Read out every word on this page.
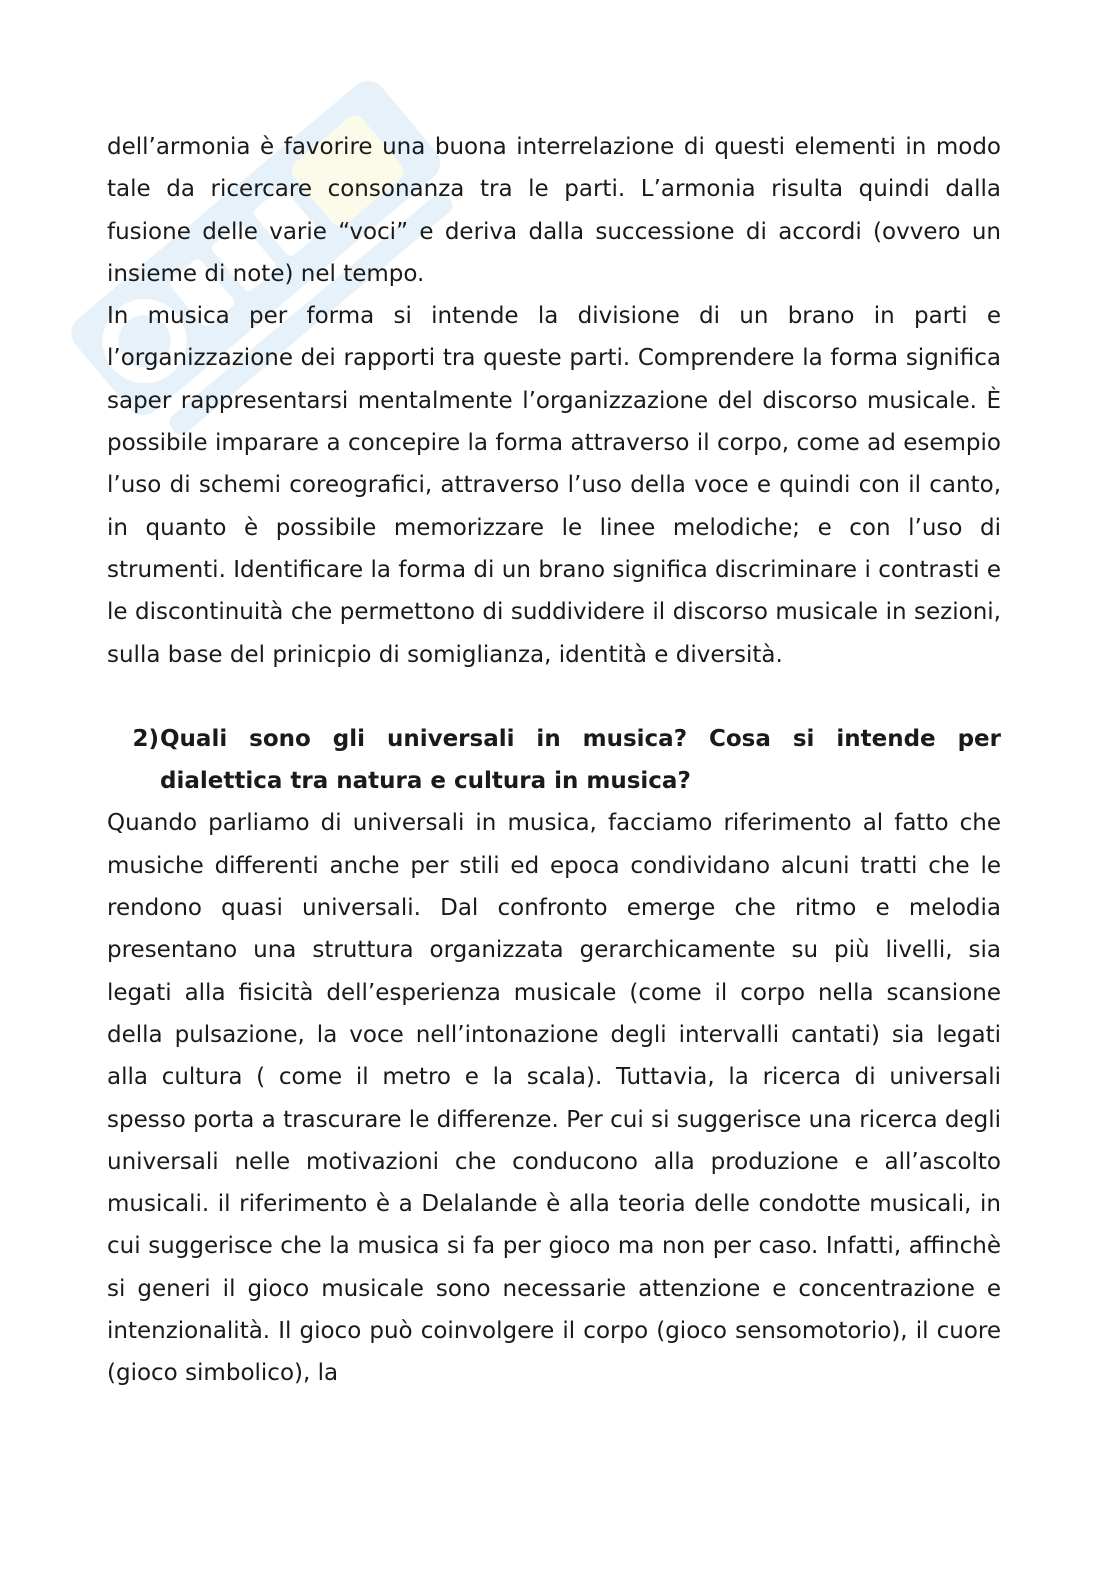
dell’armonia è favorire una buona interrelazione di questi elementi in modo tale da ricercare consonanza tra le parti. L’armonia risulta quindi dalla fusione delle varie “voci” e deriva dalla successione di accordi (ovvero un insieme di note) nel tempo.

In musica per forma si intende la divisione di un brano in parti e l’organizzazione dei rapporti tra queste parti. Comprendere la forma significa saper rappresentarsi mentalmente l’organizzazione del discorso musicale. È possibile imparare a concepire la forma attraverso il corpo, come ad esempio l’uso di schemi coreografici, attraverso l’uso della voce e quindi con il canto, in quanto è possibile memorizzare le linee melodiche; e con l’uso di strumenti. Identificare la forma di un brano significa discriminare i contrasti e le discontinuità che permettono di suddividere il discorso musicale in sezioni, sulla base del prinicpio di somiglianza, identità e diversità.

2) Quali sono gli universali in musica? Cosa si intende per dialettica tra natura e cultura in musica?

Quando parliamo di universali in musica, facciamo riferimento al fatto che musiche differenti anche per stili ed epoca condividano alcuni tratti che le rendono quasi universali. Dal confronto emerge che ritmo e melodia presentano una struttura organizzata gerarchicamente su più livelli, sia legati alla fisicità dell’esperienza musicale (come il corpo nella scansione della pulsazione, la voce nell’intonazione degli intervalli cantati) sia legati alla cultura ( come il metro e la scala). Tuttavia, la ricerca di universali spesso porta a trascurare le differenze. Per cui si suggerisce una ricerca degli universali nelle motivazioni che conducono alla produzione e all’ascolto musicali. il riferimento è a Delalande è alla teoria delle condotte musicali, in cui suggerisce che la musica si fa per gioco ma non per caso. Infatti, affinchè si generi il gioco musicale sono necessarie attenzione e concentrazione e intenzionalità. Il gioco può coinvolgere il corpo (gioco sensomotorio), il cuore (gioco simbolico), la
